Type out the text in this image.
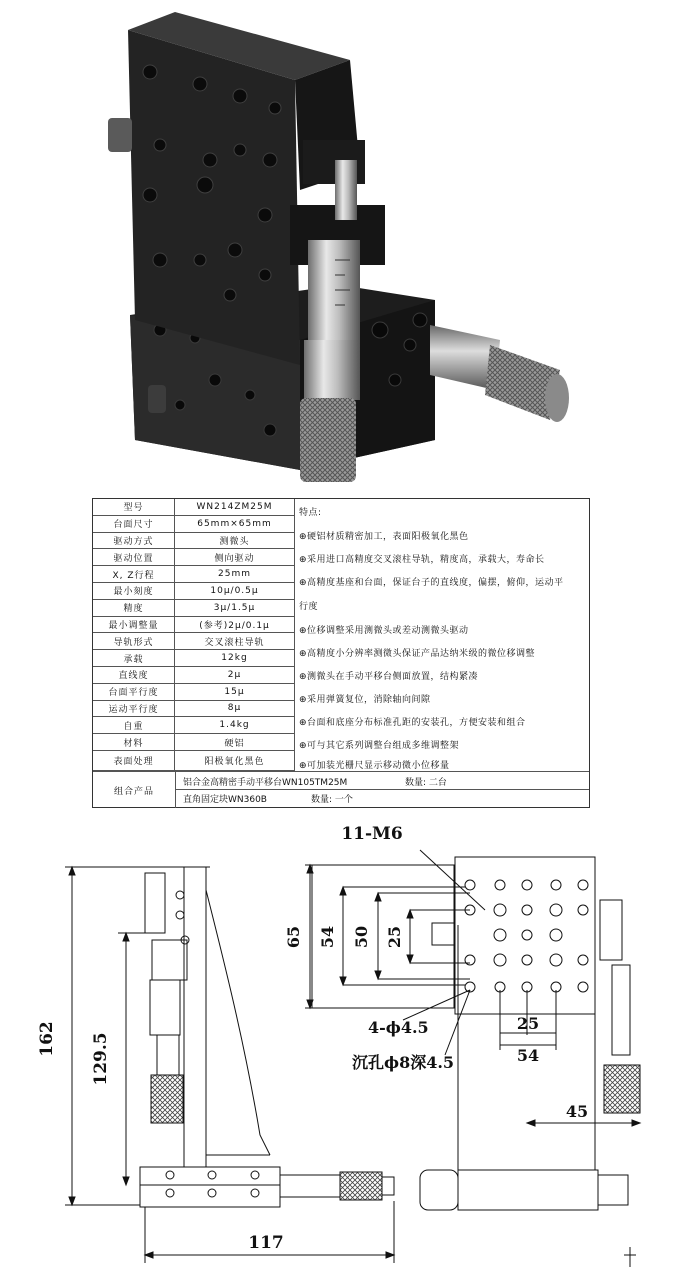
型号	WN214ZM25M
台面尺寸	65mm×65mm
驱动方式	测微头
驱动位置	侧向驱动
X, Z行程	25mm
最小刻度	10μ/0.5μ
精度	3μ/1.5μ
最小调整量	(参考)2μ/0.1μ
导轨形式	交叉滚柱导轨
承载	12kg
直线度	2μ
台面平行度	15μ
运动平行度	8μ
自重	1.4kg
材料	硬铝
表面处理	阳极氧化黑色
特点:
⊕硬铝材质精密加工，表面阳极氧化黑色
⊕采用进口高精度交叉滚柱导轨，精度高，承载大，寿命长
⊕高精度基座和台面，保证台子的直线度，偏摆，俯仰，运动平
行度
⊕位移调整采用测微头或差动测微头驱动
⊕高精度小分辨率测微头保证产品达纳米级的微位移调整
⊕测微头在手动平移台侧面放置，结构紧凑
⊕采用弹簧复位，消除轴向间隙
⊕台面和底座分布标准孔距的安装孔，方便安装和组合
⊕可与其它系列调整台组成多维调整架
⊕可加装光栅尺显示移动微小位移量
组合产品
铝合金高精密手动平移台WN105TM25M	数量: 二台
直角固定块WN360B	数量: 一个
162 129.5
117
11-M6
65 54 50 25
25
54
45
4-ϕ4.5
沉孔ϕ8深4.5
